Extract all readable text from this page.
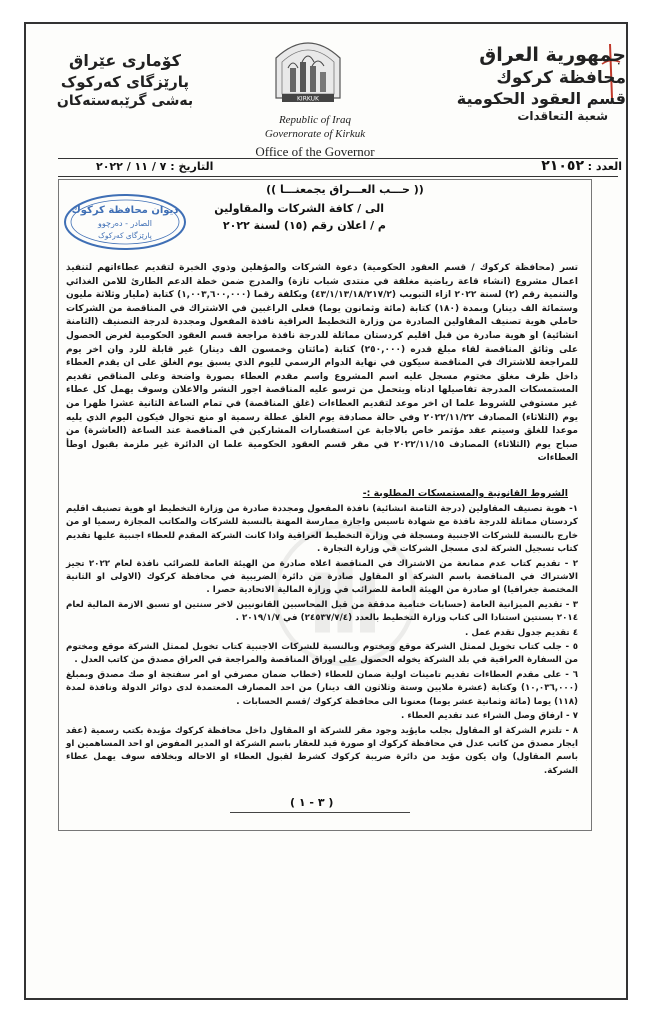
جمهورية العراق
محافظة كركوك
قسم العقود الحكومية
شعبة التعاقدات
كۆمارى عێراق
پارێزگای کەرکوک
بەشی گرێبەستەکان	KIRKUK
Republic of Iraq
Governorate of Kirkuk
Office of the Governor
العدد :
٢١٠٥٢
التاريخ : ٧ / ١١ / ٢٠٢٢
ديوان محافظة كركوك
الصادر - دەرچوو
پارێزگای کەرکوک
(( حـــب العـــراق يجمعنـــا ))
الى / كافة الشركات والمقاولين
م / اعلان رقم (١٥) لسنة ٢٠٢٢
تسر (محافظة كركوك / قسم العقود الحكومية) دعوة الشركات والمؤهلين وذوي الخبرة لتقديم عطاءاتهم لتنفيذ اعمال مشروع (انشاء قاعة رياضية مغلقة في منتدى شباب تازة) والمدرج ضمن خطة الدعم الطارئ للامن الغذائي والتنمية رقم (٢) لسنة ٢٠٢٢ ازاء التبويب (٤٣/١/١٣/١٨/٢١٧/٢) وبكلفة رقما (١,٠٠٣,٦٠٠,٠٠٠) كتابة (مليار وثلاثة مليون وستمائة الف دينار) وبمدة (١٨٠) كتابة (مائة وثمانون يوما) فعلى الراغبين في الاشتراك في المناقصة من الشركات حاملي هوية تصنيف المقاولين الصادرة من وزارة التخطيط العراقية نافذة المفعول ومجددة لدرجة التصنيف (الثامنة انشائية) او هوية صادرة من قبل اقليم كردستان مماثلة للدرجة نافذة مراجعة قسم العقود الحكومية لغرض الحصول على وثائق المناقصة لقاء مبلغ قدره (٢٥٠,٠٠٠) كتابة (مائتان وخمسون الف دينار) غير قابلة للرد وان اخر يوم للمراجعة للاشتراك في المناقصة سيكون في نهاية الدوام الرسمي لليوم الذي يسبق يوم الغلق على ان يقدم العطاء داخل ظرف مغلق مختوم مسجل عليه اسم المشروع واسم مقدم العطاء بصورة واضحة وعلى المناقص تقديم المستمسكات المدرجة تفاصيلها ادناه ويتحمل من ترسو عليه المناقصة اجور النشر والاعلان وسوف يهمل كل عطاء غير مستوفي للشروط علما ان اخر موعد لتقديم العطاءات (غلق المناقصة) في تمام الساعة الثانية عشرا ظهرا من يوم (الثلاثاء) المصادف ٢٠٢٢/١١/٢٢ وفي حالة مصادفة يوم الغلق عطلة رسمية او منع تجوال فيكون اليوم الذي يليه موعدا للغلق وسيتم عقد مؤتمر خاص بالاجابة عن استفسارات المشاركين في المناقصة عند الساعة (العاشرة) من صباح يوم (الثلاثاء) المصادف ٢٠٢٢/١١/١٥ في مقر قسم العقود الحكومية علما ان الدائرة غير ملزمة بقبول اوطأ العطاءات
الشروط القانونية والمستمسكات المطلوبة :-

١- هوية تصنيف المقاولين (درجة الثامنة انشائية) نافذة المفعول ومجددة صادرة من وزارة التخطيط او هوية تصنيف اقليم كردستان مماثلة للدرجة نافذة مع شهادة تاسيس واجازة ممارسة المهنة بالنسبة للشركات والمكاتب المجازة رسميا او من خارج بالنسبة للشركات الاجنبية ومسجلة في وزارة التخطيط العراقية واذا كانت الشركة المقدم للعطاء اجنبية عليها تقديم كتاب تسجيل الشركة لدى مسجل الشركات في وزارة التجارة .

٢ - تقديم كتاب عدم ممانعة من الاشتراك في المناقصة اعلاه صادرة من الهيئة العامة للضرائب نافذة لعام ٢٠٢٢ تجيز الاشتراك في المناقصة باسم الشركة او المقاول صادرة من دائرة الضريبية في محافظة كركوك (الاولى او الثانية المختصة جغرافيا) او صادرة من الهيئة العامة للضرائب في وزارة المالية الاتحادية حصرا .

٣ - تقديم الميزانية العامة (حسابات ختامية مدققة من قبل المحاسبين القانونيين لاخر سنتين او تسبق الازمة المالية لعام ٢٠١٤ بسنتين استنادا الى كتاب وزارة التخطيط بالعدد (٢٤٥٣٧/٧/٤) في ٢٠١٩/١/٧ .

٤ تقديم جدول تقدم عمل .

٥ - جلب كتاب تخويل لممثل الشركة موقع ومختوم وبالنسبة للشركات الاجنبية كتاب تخويل لممثل الشركة موقع ومختوم من السفارة العراقية في بلد الشركة يخوله الحصول على اوراق المناقصة والمراجعة في العراق مصدق من كاتب العدل .

٦ - على مقدم العطاءات تقديم تامينات اولية ضمان للعطاء (خطاب ضمان مصرفي او امر سفتجة او صك مصدق وبمبلغ (١٠,٠٣٦,٠٠٠) وكتابة (عشرة ملايين وستة وثلاثون الف دينار) من احد المصارف المعتمدة لدى دوائر الدولة ونافذة لمدة (١١٨) يوما (مائة وثمانية عشر يوما) معنونا الى محافظة كركوك /قسم الحسابات .

٧ - ارفاق وصل الشراء عند تقديم العطاء .

٨ - تلتزم الشركة او المقاول بجلب مايؤيد وجود مقر للشركة او المقاول داخل محافظة كركوك مؤيدة بكتب رسمية (عقد ايجار مصدق من كاتب عدل في محافظة كركوك او صورة قيد للعقار باسم الشركة او المدير المفوض او احد المساهمين او باسم المقاول) وان يكون مؤيد من دائرة ضريبة كركوك كشرط لقبول العطاء او الاحاله وبخلافه سوف يهمل عطاء الشركة.

( ٣ - ١ )
